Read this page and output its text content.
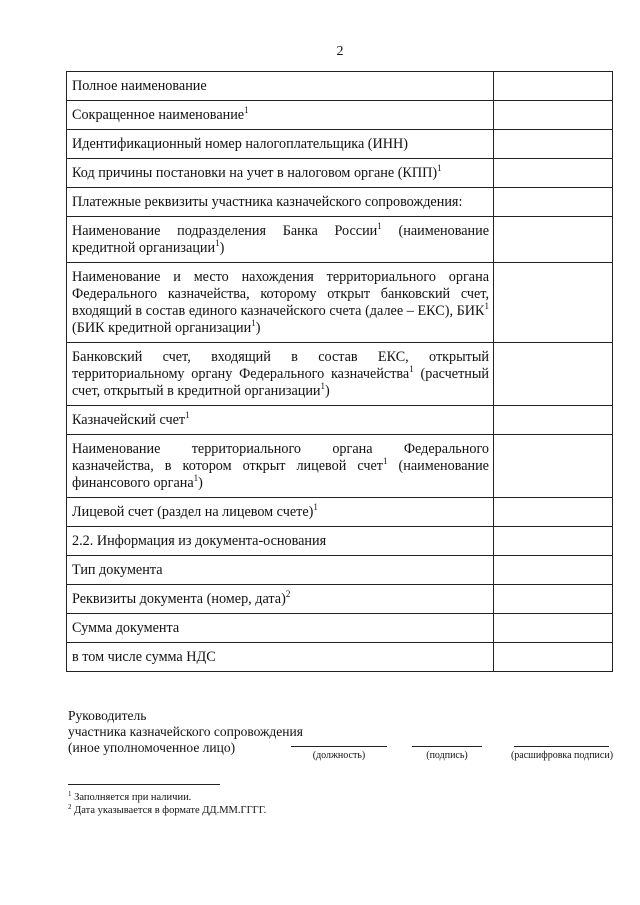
2
Полное наименование	
Сокращенное наименование$^1$	
Идентификационный номер налогоплательщика (ИНН)	
Код причины постановки на учет в налоговом органе (КПП)$^1$	
Платежные реквизиты участника казначейского сопровождения:	
Наименование подразделения Банка России$^1$ (наименование кредитной организации$^1$)	
Наименование и место нахождения территориального органа Федерального казначейства, которому открыт банковский счет, входящий в состав единого казначейского счета (далее – ЕКС), БИК$^1$ (БИК кредитной организации$^1$)	
Банковский счет, входящий в состав ЕКС, открытый территориальному органу Федерального казначейства$^1$ (расчетный счет, открытый в кредитной организации$^1$)	
Казначейский счет$^1$	
Наименование территориального органа Федерального казначейства, в котором открыт лицевой счет$^1$ (наименование финансового органа$^1$)	
Лицевой счет (раздел на лицевом счете)$^1$	
2.2. Информация из документа-основания	
Тип документа	
Реквизиты документа (номер, дата)$^2$	
Сумма документа	
в том числе сумма НДС	
Руководитель
участника казначейского сопровождения
(иное уполномоченное лицо)
(должность)	(подпись)	(расшифровка подписи)
$^1$ Заполняется при наличии.
$^2$ Дата указывается в формате ДД.ММ.ГГГГ.
